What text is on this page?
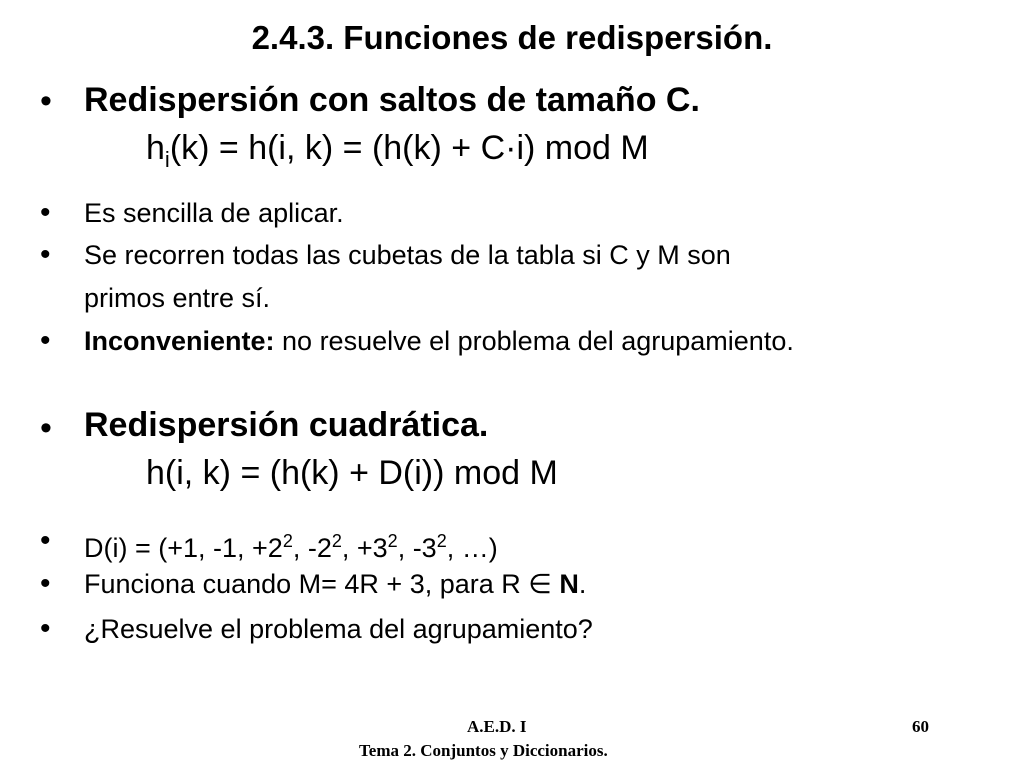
2.4.3. Funciones de redispersión.
• Redispersión con saltos de tamaño C.
$h_i(k) = h(i$, k) = (h(k) + C·i) mod M
• Es sencilla de aplicar.
• Se recorren todas las cubetas de la tabla si C y M son
primos entre sí.
• Inconveniente: no resuelve el problema del agrupamiento.
• Redispersión cuadrática.
h(i, k) = (h(k) + D(i)) mod M
• D(i) = (+1, -1, $+2^2$, $-2^2$, $+3^2$, $-3^2$, …)
• Funciona cuando M= 4R + 3, para R ∈ N.
• ¿Resuelve el problema del agrupamiento?
A.E.D. I
Tema 2. Conjuntos y Diccionarios.
60
